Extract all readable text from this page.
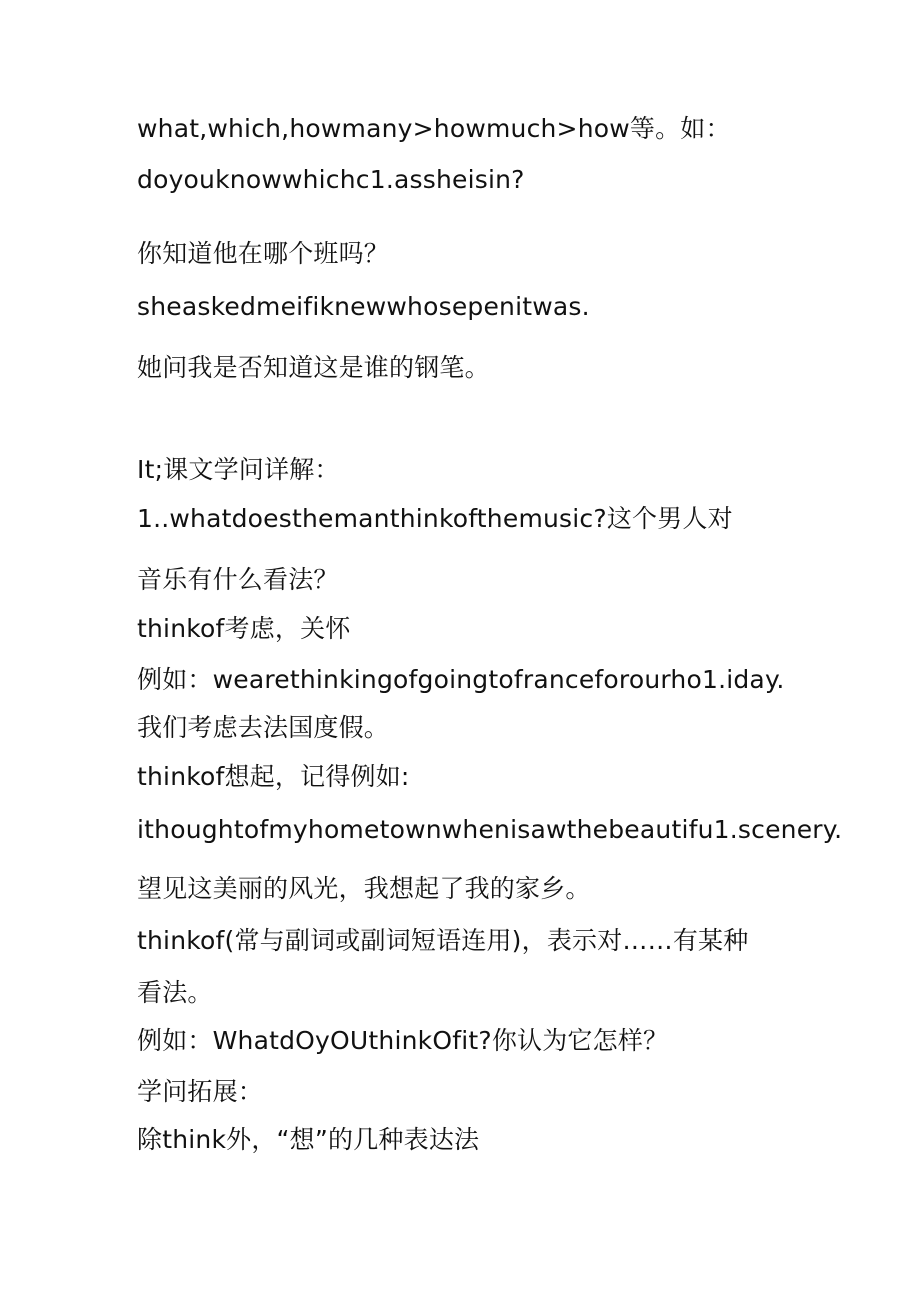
what,which,howmany>howmuch>how等。如：
doyouknowwhichc1.assheisin?
你知道他在哪个班吗？
sheaskedmeifiknewwhosepenitwas.
她问我是否知道这是谁的钢笔。
It;课文学问详解：
1..whatdoesthemanthinkofthemusic?这个男人对
音乐有什么看法？
thinkof考虑，关怀
例如：wearethinkingofgoingtofranceforourho1.iday.
我们考虑去法国度假。
thinkof想起，记得例如:
ithoughtofmyhometownwhenisawthebeautifu1.scenery.
望见这美丽的风光，我想起了我的家乡。
thinkof(常与副词或副词短语连用)，表示对……有某种
看法。
例如：WhatdOyOUthinkOfit?你认为它怎样？
学问拓展：
除think外，“想”的几种表达法
